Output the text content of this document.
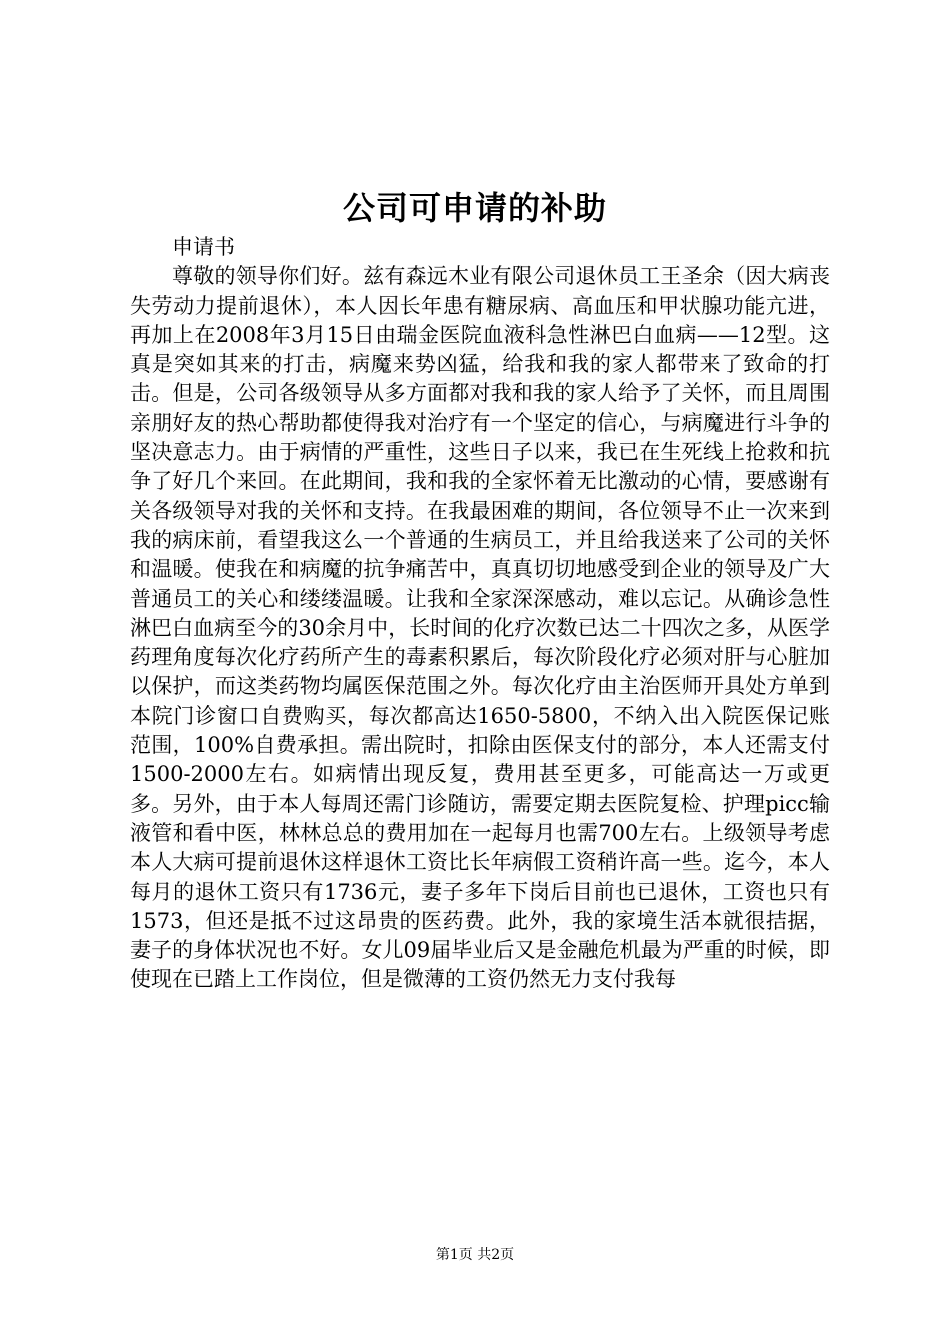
公司可申请的补助

申请书

尊敬的领导你们好。兹有森远木业有限公司退休员工王圣余（因大病丧失劳动力提前退休），本人因长年患有糖尿病、高血压和甲状腺功能亢进，再加上在2008年3月15日由瑞金医院血液科急性淋巴白血病——12型。这真是突如其来的打击，病魔来势凶猛，给我和我的家人都带来了致命的打击。但是，公司各级领导从多方面都对我和我的家人给予了关怀，而且周围亲朋好友的热心帮助都使得我对治疗有一个坚定的信心，与病魔进行斗争的坚决意志力。由于病情的严重性，这些日子以来，我已在生死线上抢救和抗争了好几个来回。在此期间，我和我的全家怀着无比激动的心情，要感谢有关各级领导对我的关怀和支持。在我最困难的期间，各位领导不止一次来到我的病床前，看望我这么一个普通的生病员工，并且给我送来了公司的关怀和温暖。使我在和病魔的抗争痛苦中，真真切切地感受到企业的领导及广大普通员工的关心和缕缕温暖。让我和全家深深感动，难以忘记。从确诊急性淋巴白血病至今的30余月中，长时间的化疗次数已达二十四次之多，从医学药理角度每次化疗药所产生的毒素积累后，每次阶段化疗必须对肝与心脏加以保护，而这类药物均属医保范围之外。每次化疗由主治医师开具处方单到本院门诊窗口自费购买，每次都高达1650-5800，不纳入出入院医保记账范围，100%自费承担。需出院时，扣除由医保支付的部分，本人还需支付1500-2000左右。如病情出现反复，费用甚至更多，可能高达一万或更多。另外，由于本人每周还需门诊随访，需要定期去医院复检、护理picc输液管和看中医，林林总总的费用加在一起每月也需700左右。上级领导考虑本人大病可提前退休这样退休工资比长年病假工资稍许高一些。迄今，本人每月的退休工资只有1736元，妻子多年下岗后目前也已退休，工资也只有1573，但还是抵不过这昂贵的医药费。此外，我的家境生活本就很拮据，妻子的身体状况也不好。女儿09届毕业后又是金融危机最为严重的时候，即使现在已踏上工作岗位，但是微薄的工资仍然无力支付我每

第1页 共2页
